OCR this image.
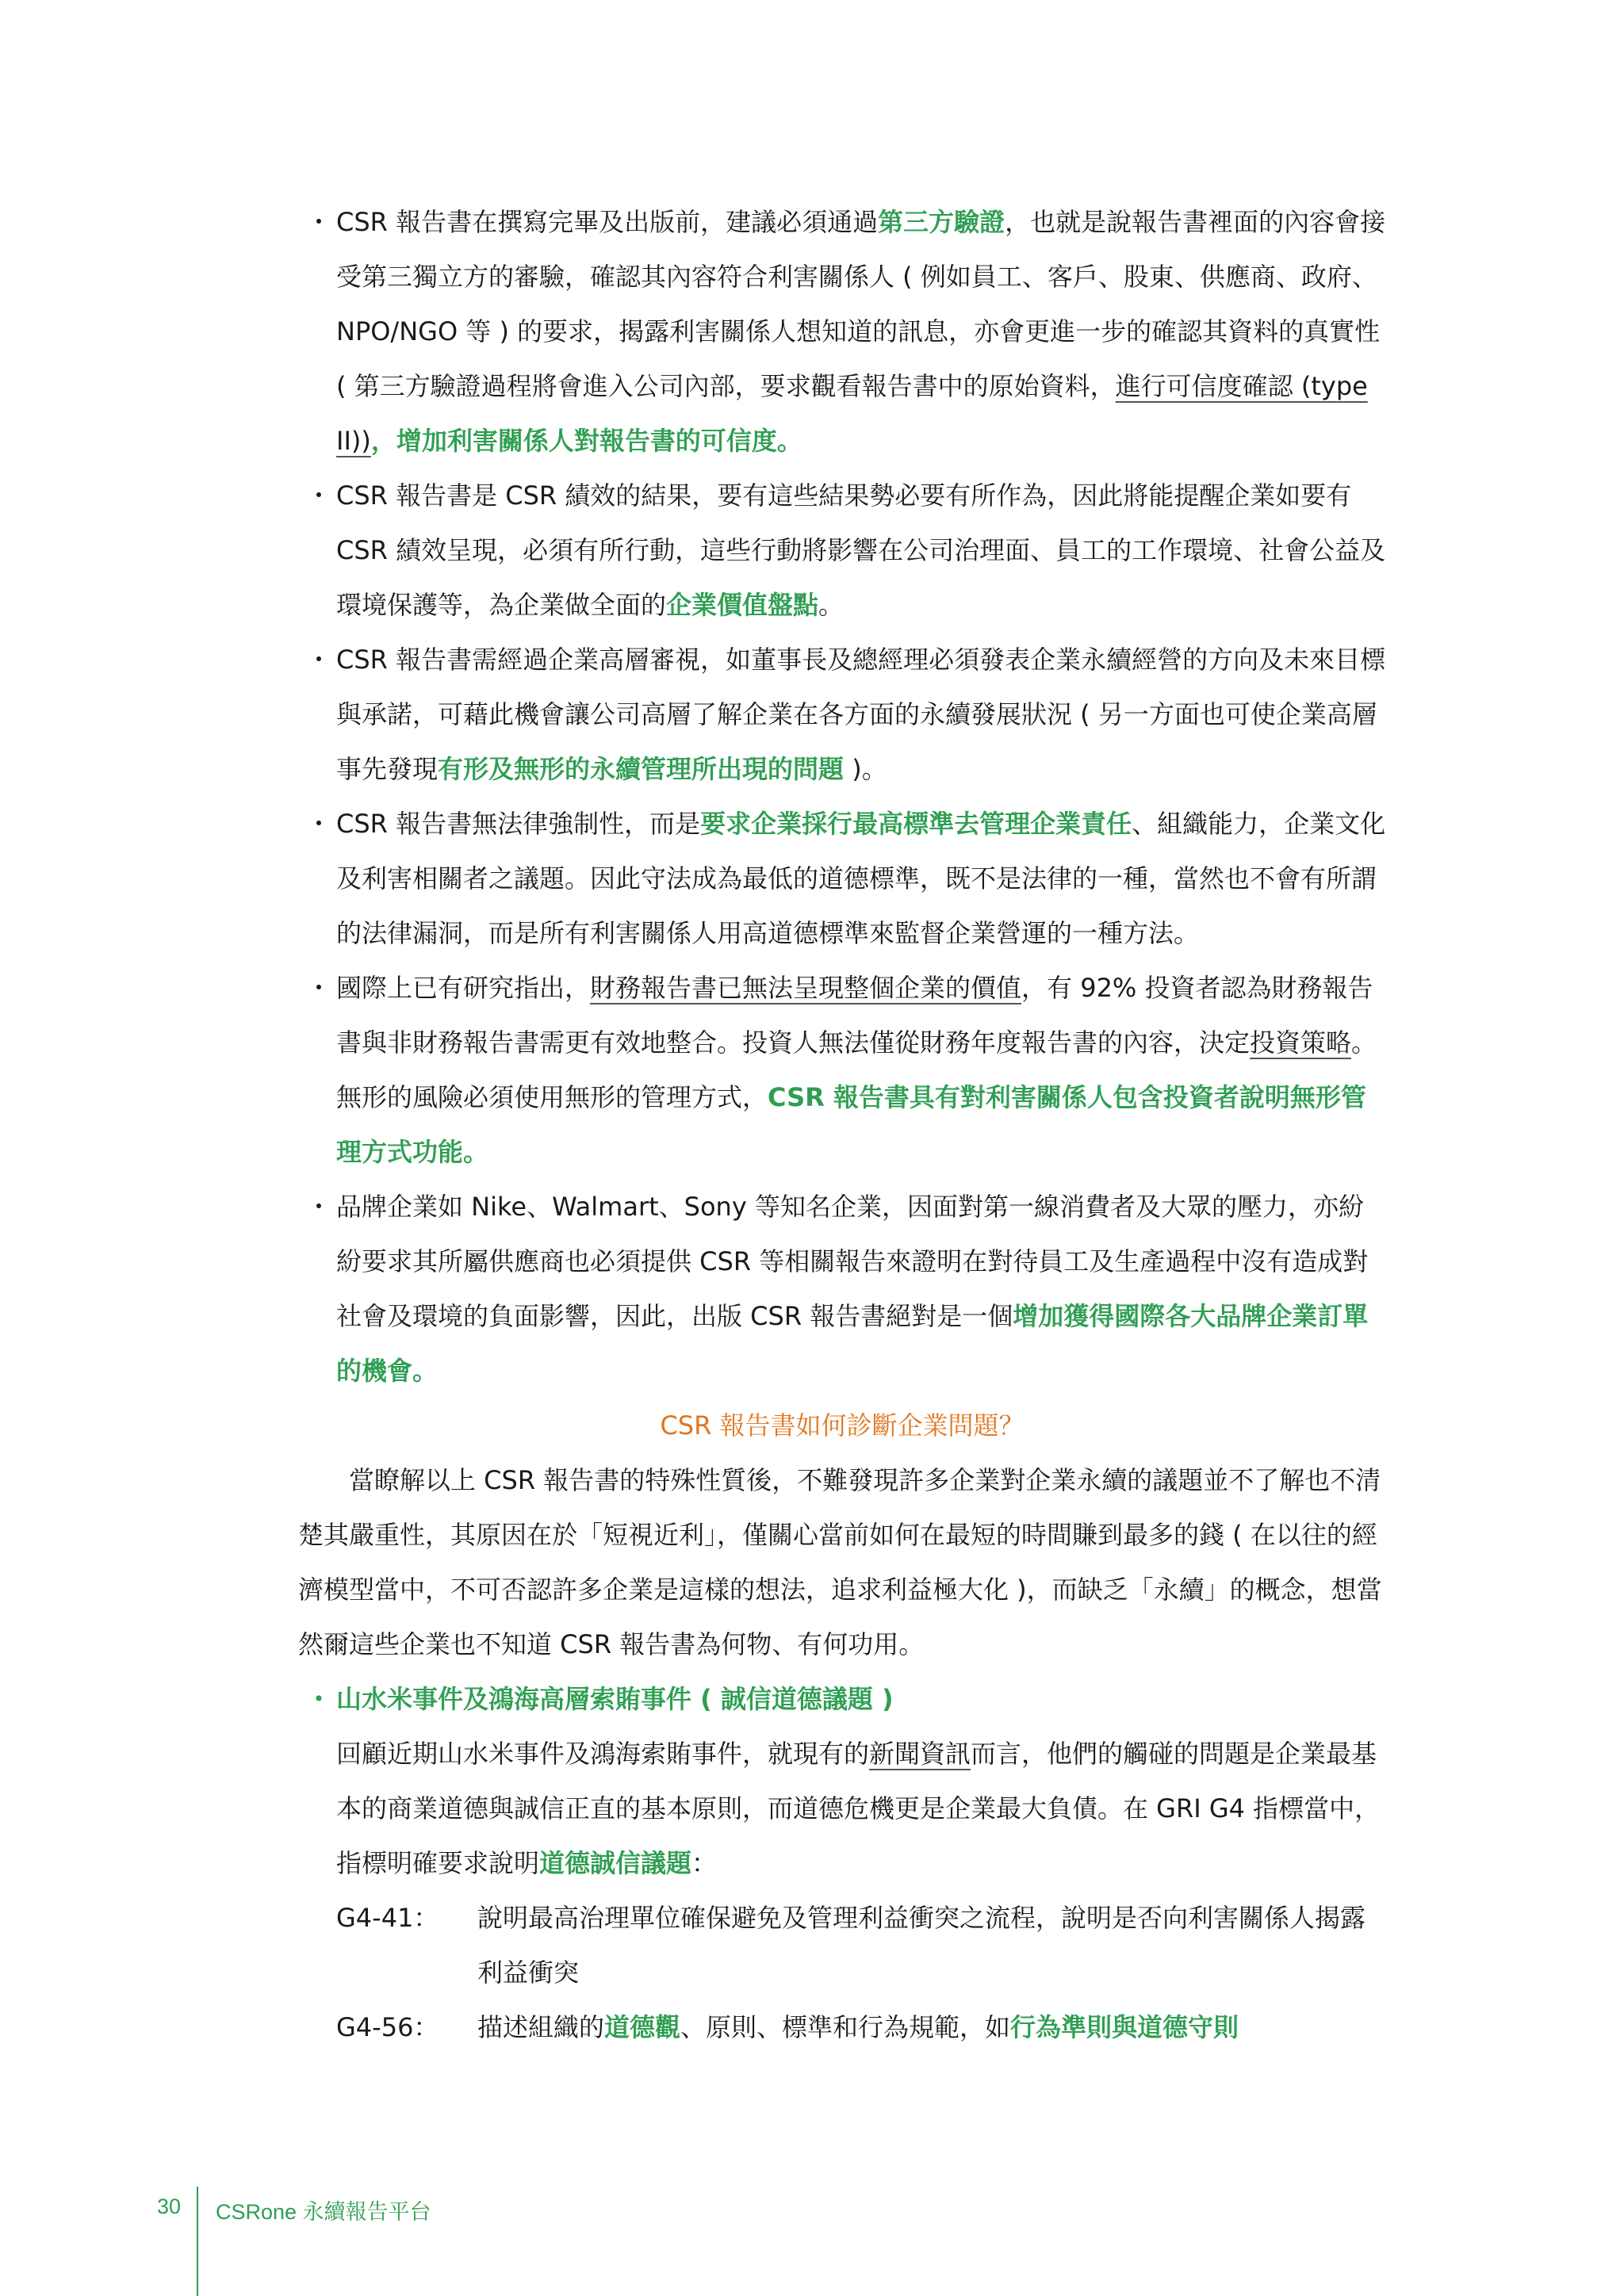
・ CSR 報告書在撰寫完畢及出版前，建議必須通過第三方驗證，也就是說報告書裡面的內容會接受第三獨立方的審驗，確認其內容符合利害關係人 ( 例如員工、客戶、股東、供應商、政府、NPO/NGO 等 ) 的要求，揭露利害關係人想知道的訊息，亦會更進一步的確認其資料的真實性 ( 第三方驗證過程將會進入公司內部，要求觀看報告書中的原始資料，進行可信度確認 (type II))，增加利害關係人對報告書的可信度。
・ CSR 報告書是 CSR 績效的結果，要有這些結果勢必要有所作為，因此將能提醒企業如要有 CSR 績效呈現，必須有所行動，這些行動將影響在公司治理面、員工的工作環境、社會公益及環境保護等，為企業做全面的企業價值盤點。
・ CSR 報告書需經過企業高層審視，如董事長及總經理必須發表企業永續經營的方向及未來目標與承諾，可藉此機會讓公司高層了解企業在各方面的永續發展狀況 ( 另一方面也可使企業高層事先發現有形及無形的永續管理所出現的問題 )。
・ CSR 報告書無法律強制性，而是要求企業採行最高標準去管理企業責任、組織能力，企業文化及利害相關者之議題。因此守法成為最低的道德標準，既不是法律的一種，當然也不會有所謂的法律漏洞，而是所有利害關係人用高道德標準來監督企業營運的一種方法。
・ 國際上已有研究指出，財務報告書已無法呈現整個企業的價值，有 92% 投資者認為財務報告書與非財務報告書需更有效地整合。投資人無法僅從財務年度報告書的內容，決定投資策略。無形的風險必須使用無形的管理方式，CSR 報告書具有對利害關係人包含投資者說明無形管理方式功能。
・ 品牌企業如 Nike、Walmart、Sony 等知名企業，因面對第一線消費者及大眾的壓力，亦紛紛要求其所屬供應商也必須提供 CSR 等相關報告來證明在對待員工及生產過程中沒有造成對社會及環境的負面影響，因此，出版 CSR 報告書絕對是一個增加獲得國際各大品牌企業訂單的機會。
CSR 報告書如何診斷企業問題？
當瞭解以上 CSR 報告書的特殊性質後，不難發現許多企業對企業永續的議題並不了解也不清楚其嚴重性，其原因在於「短視近利」，僅關心當前如何在最短的時間賺到最多的錢 ( 在以往的經濟模型當中，不可否認許多企業是這樣的想法，追求利益極大化 )，而缺乏「永續」的概念，想當然爾這些企業也不知道 CSR 報告書為何物、有何功用。
・ 山水米事件及鴻海高層索賄事件 ( 誠信道德議題 )
回顧近期山水米事件及鴻海索賄事件，就現有的新聞資訊而言，他們的觸碰的問題是企業最基本的商業道德與誠信正直的基本原則，而道德危機更是企業最大負債。在 GRI G4 指標當中，指標明確要求說明道德誠信議題：
G4-41： 說明最高治理單位確保避免及管理利益衝突之流程，說明是否向利害關係人揭露利益衝突
G4-56： 描述組織的道德觀、原則、標準和行為規範，如行為準則與道德守則
30 CSRone 永續報告平台
